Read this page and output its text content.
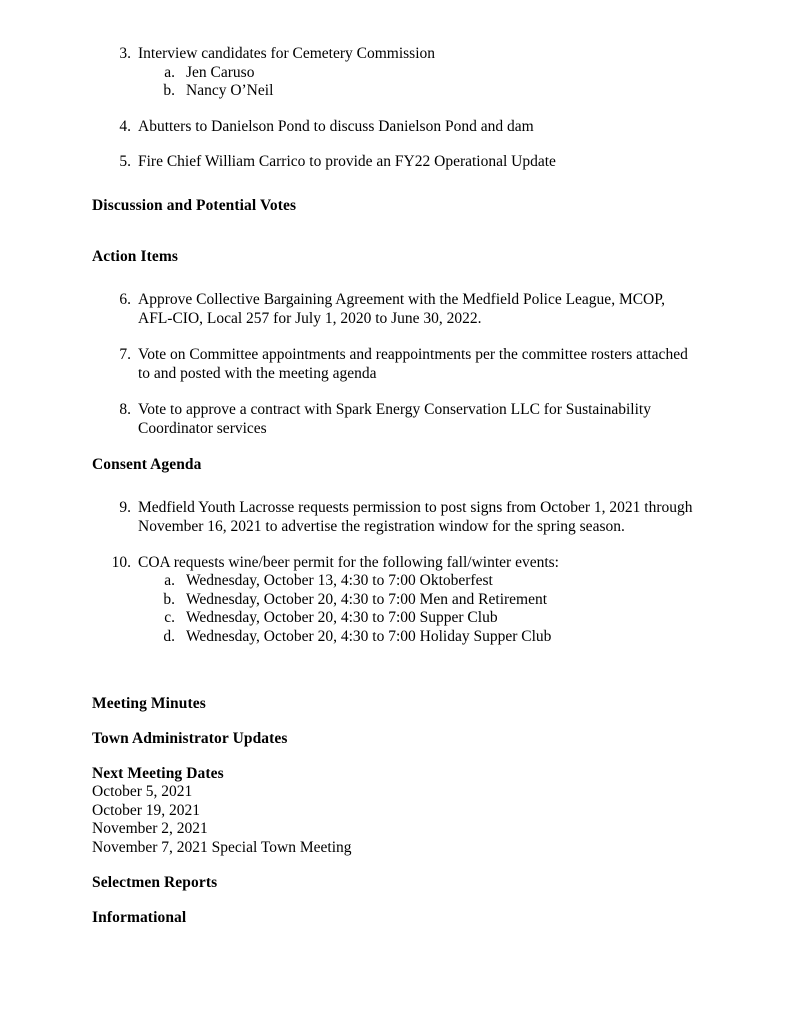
3. Interview candidates for Cemetery Commission
a. Jen Caruso
b. Nancy O’Neil
4. Abutters to Danielson Pond to discuss Danielson Pond and dam
5. Fire Chief William Carrico to provide an FY22 Operational Update
Discussion and Potential Votes
Action Items
6. Approve Collective Bargaining Agreement with the Medfield Police League, MCOP, AFL-CIO, Local 257 for July 1, 2020 to June 30, 2022.
7. Vote on Committee appointments and reappointments per the committee rosters attached to and posted with the meeting agenda
8. Vote to approve a contract with Spark Energy Conservation LLC for Sustainability Coordinator services
Consent Agenda
9. Medfield Youth Lacrosse requests permission to post signs from October 1, 2021 through November 16, 2021 to advertise the registration window for the spring season.
10. COA requests wine/beer permit for the following fall/winter events:
a. Wednesday, October 13, 4:30 to 7:00 Oktoberfest
b. Wednesday, October 20, 4:30 to 7:00 Men and Retirement
c. Wednesday, October 20, 4:30 to 7:00 Supper Club
d. Wednesday, October 20, 4:30 to 7:00 Holiday Supper Club
Meeting Minutes
Town Administrator Updates
Next Meeting Dates
October 5, 2021
October 19, 2021
November 2, 2021
November 7, 2021 Special Town Meeting
Selectmen Reports
Informational
